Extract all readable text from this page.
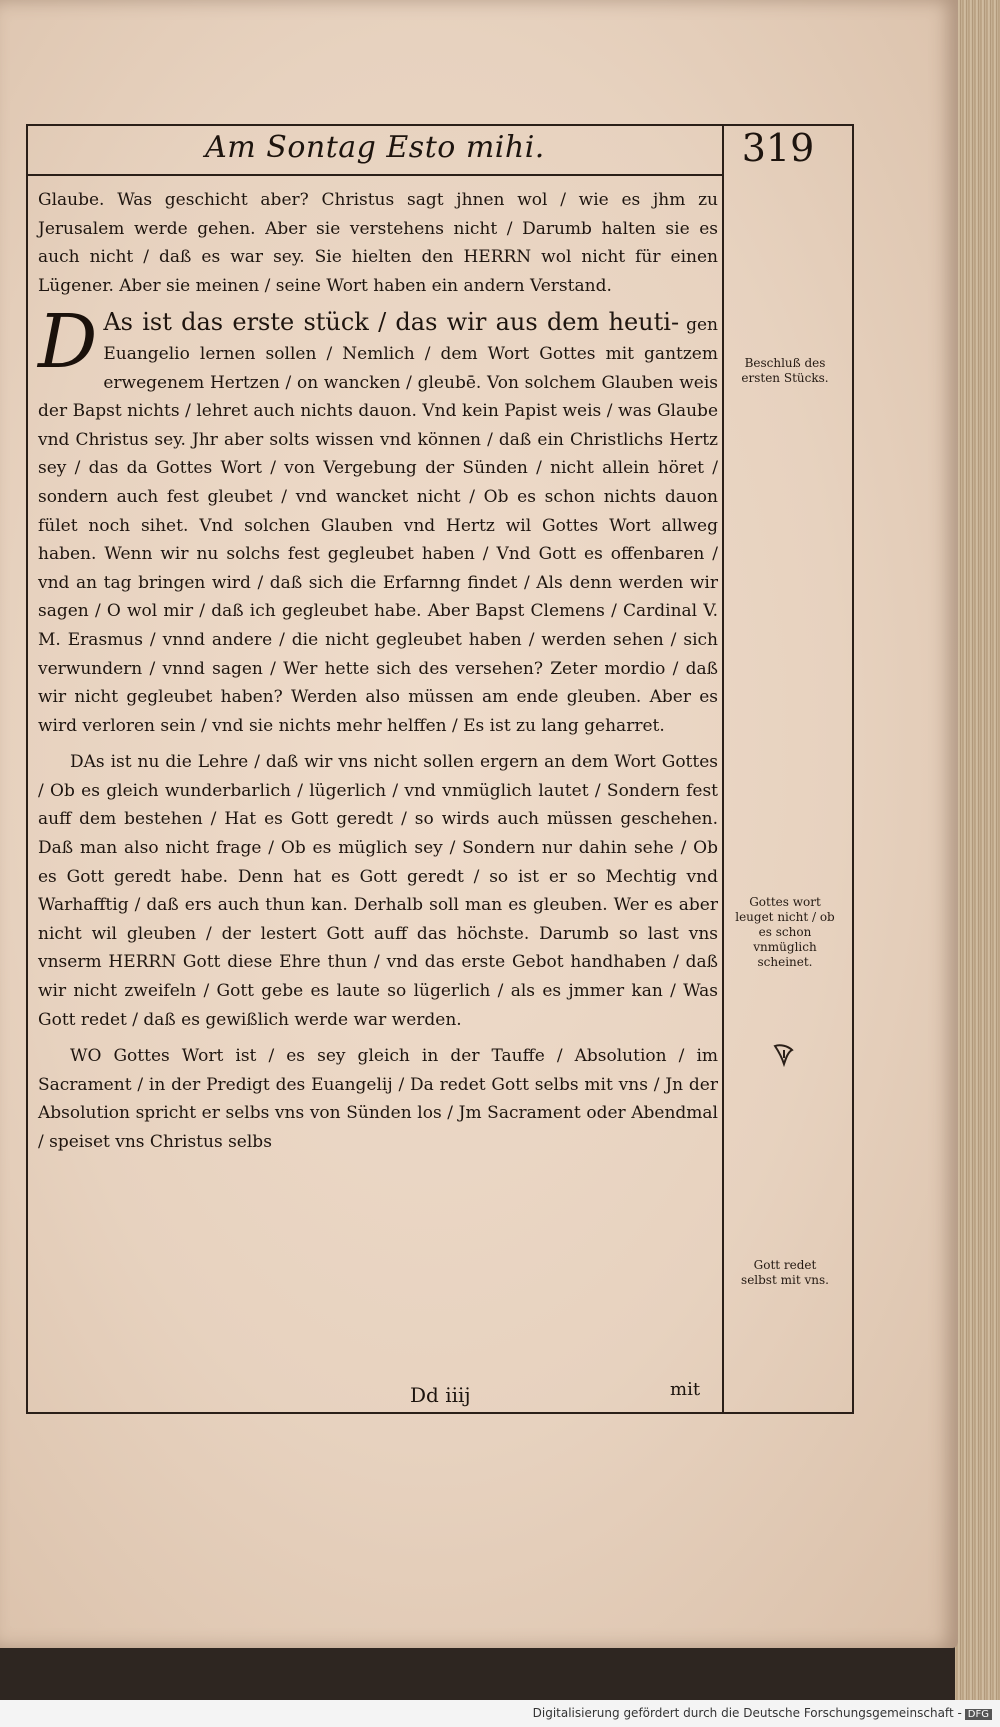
Am Sontag Esto mihi.	319

Glaube. Was geschicht aber? Christus sagt jhnen wol / wie es jhm zu Jerusalem werde gehen. Aber sie verstehens nicht / Darumb halten sie es auch nicht / daß es war sey. Sie hielten den HERRN wol nicht für einen Lügener. Aber sie meinen / seine Wort haben ein andern Verstand.

D As ist das erste stück / das wir aus dem heuti- gen Euangelio lernen sollen / Nemlich / dem Wort Gottes mit gantzem erwegenem Hertzen / on wancken / gleubē. Von solchem Glauben weis der Bapst nichts / lehret auch nichts dauon. Vnd kein Papist weis / was Glaube vnd Christus sey. Jhr aber solts wissen vnd können / daß ein Christlichs Hertz sey / das da Gottes Wort / von Vergebung der Sünden / nicht allein höret / sondern auch fest gleubet / vnd wancket nicht / Ob es schon nichts dauon fület noch sihet. Vnd solchen Glauben vnd Hertz wil Gottes Wort allweg haben. Wenn wir nu solchs fest gegleubet haben / Vnd Gott es offenbaren / vnd an tag bringen wird / daß sich die Erfarnng findet / Als denn werden wir sagen / O wol mir / daß ich gegleubet habe. Aber Bapst Clemens / Cardinal V. M. Erasmus / vnnd andere / die nicht gegleubet haben / werden sehen / sich verwundern / vnnd sagen / Wer hette sich des versehen? Zeter mordio / daß wir nicht gegleubet haben? Werden also müssen am ende gleuben. Aber es wird verloren sein / vnd sie nichts mehr helffen / Es ist zu lang geharret.

DAs ist nu die Lehre / daß wir vns nicht sollen ergern an dem Wort Gottes / Ob es gleich wunderbarlich / lügerlich / vnd vnmüglich lautet / Sondern fest auff dem bestehen / Hat es Gott geredt / so wirds auch müssen geschehen. Daß man also nicht frage / Ob es müglich sey / Sondern nur dahin sehe / Ob es Gott geredt habe. Denn hat es Gott geredt / so ist er so Mechtig vnd Warhafftig / daß ers auch thun kan. Derhalb soll man es gleuben. Wer es aber nicht wil gleuben / der lestert Gott auff das höchste. Darumb so last vns vnserm HERRN Gott diese Ehre thun / vnd das erste Gebot handhaben / daß wir nicht zweifeln / Gott gebe es laute so lügerlich / als es jmmer kan / Was Gott redet / daß es gewißlich werde war werden.

WO Gottes Wort ist / es sey gleich in der Tauffe / Absolution / im Sacrament / in der Predigt des Euangelij / Da redet Gott selbs mit vns / Jn der Absolution spricht er selbs vns von Sünden los / Jm Sacrament oder Abendmal / speiset vns Christus selbs

Beschluß des ersten Stücks.
Gottes wort leuget nicht / ob es schon vnmüglich scheinet.
Gott redet selbst mit vns.
Dd iiij	mit
Digitalisierung gefördert durch die Deutsche Forschungsgemeinschaft - DFG
